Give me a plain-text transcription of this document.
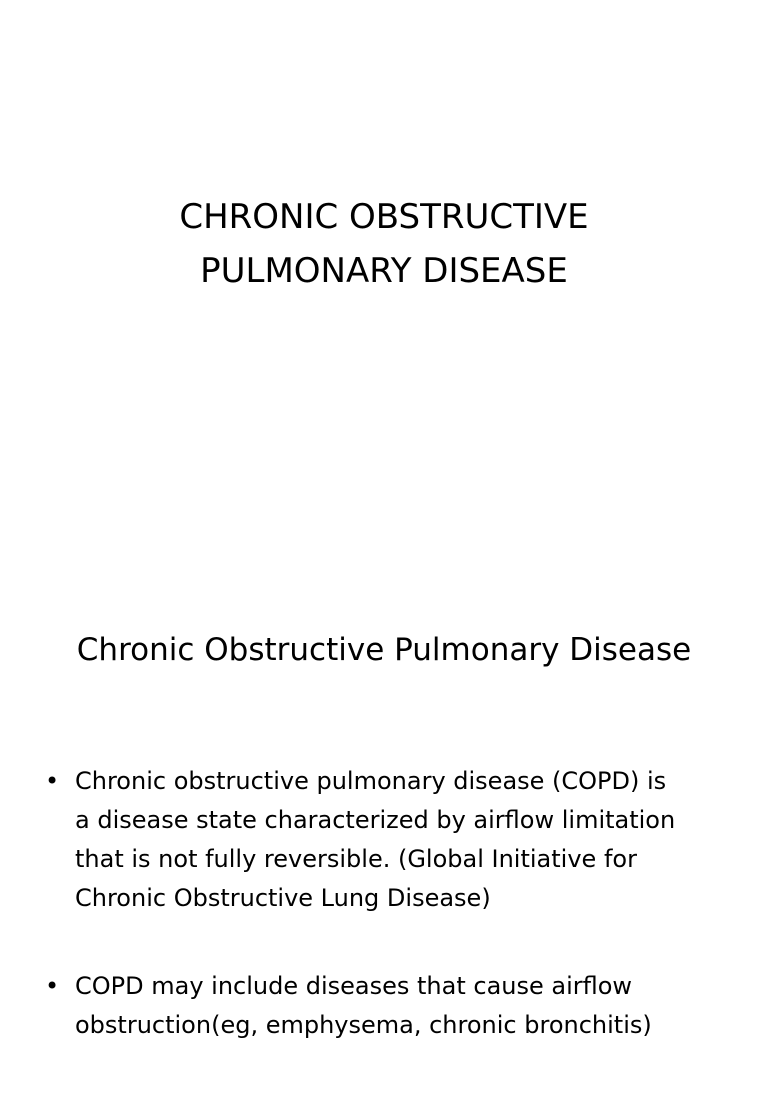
CHRONIC OBSTRUCTIVE
PULMONARY DISEASE
Chronic Obstructive Pulmonary Disease
• Chronic obstructive pulmonary disease (COPD) is
a disease state characterized by airflow limitation
that is not fully reversible. (Global Initiative for
Chronic Obstructive Lung Disease)
• COPD may include diseases that cause airflow
obstruction(eg, emphysema, chronic bronchitis)
